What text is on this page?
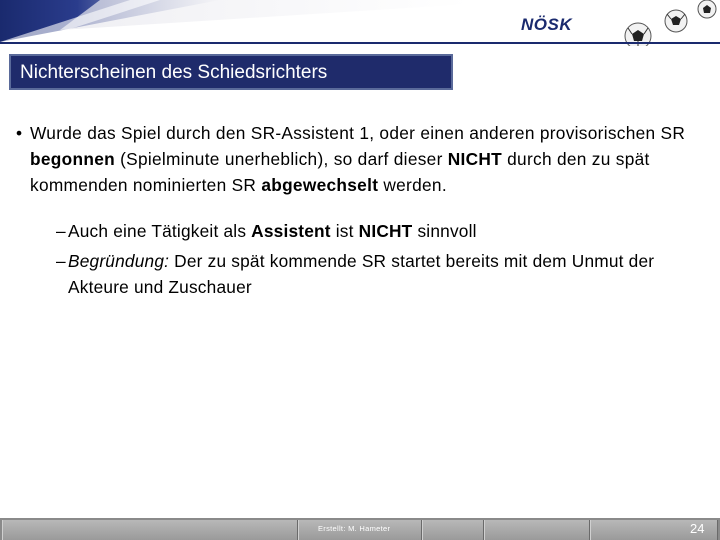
NÖSK
Nichterscheinen des Schiedsrichters
• Wurde das Spiel durch den SR-Assistent 1, oder einen anderen provisorischen SR begonnen (Spielminute unerheblich), so darf dieser NICHT durch den zu spät kommenden nominierten SR abgewechselt werden.
– Auch eine Tätigkeit als Assistent ist NICHT sinnvoll
– Begründung: Der zu spät kommende SR startet bereits mit dem Unmut der Akteure und Zuschauer
Erstellt: M. Hameter	24
